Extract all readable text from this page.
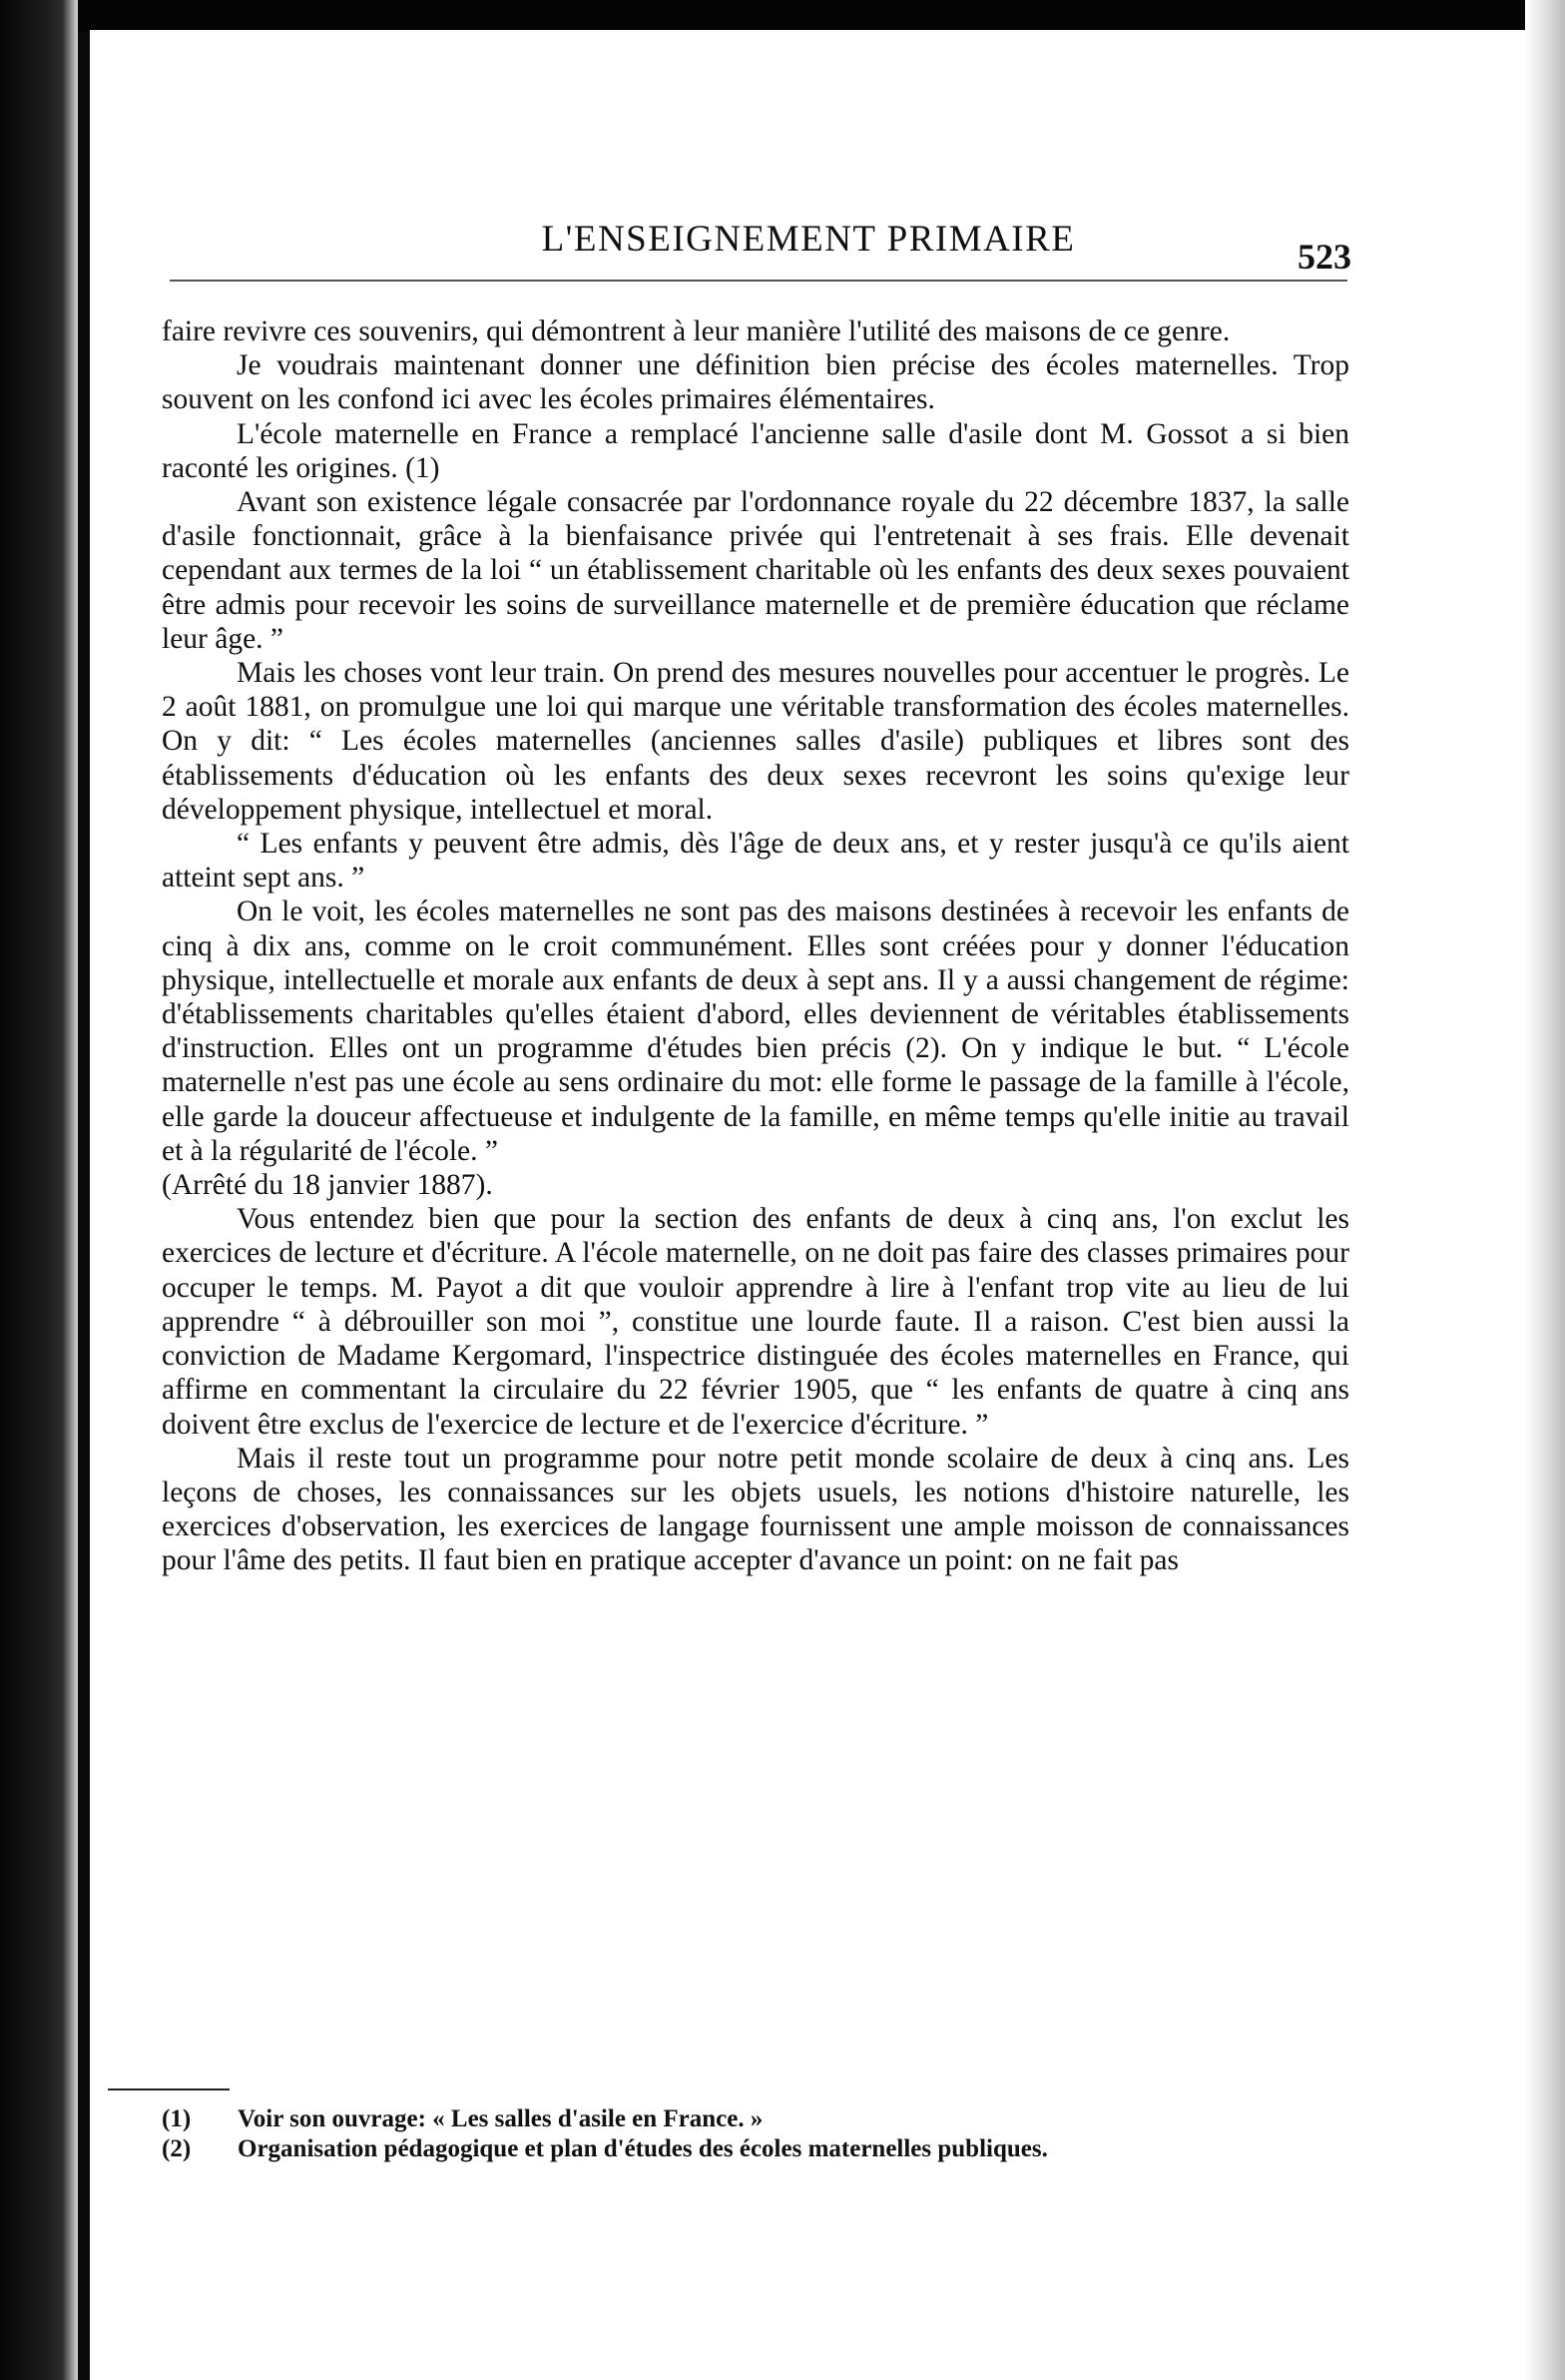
L'ENSEIGNEMENT PRIMAIRE	523

faire revivre ces souvenirs, qui démontrent à leur manière l'utilité des maisons de ce genre.

Je voudrais maintenant donner une définition bien précise des écoles maternelles. Trop souvent on les confond ici avec les écoles primaires élémentaires.

L'école maternelle en France a remplacé l'ancienne salle d'asile dont M. Gossot a si bien raconté les origines. (1)

Avant son existence légale consacrée par l'ordonnance royale du 22 décembre 1837, la salle d'asile fonctionnait, grâce à la bienfaisance privée qui l'entretenait à ses frais. Elle devenait cependant aux termes de la loi “ un établissement charitable où les enfants des deux sexes pouvaient être admis pour recevoir les soins de surveillance maternelle et de première éducation que réclame leur âge. ”

Mais les choses vont leur train. On prend des mesures nouvelles pour accentuer le progrès. Le 2 août 1881, on promulgue une loi qui marque une véritable transformation des écoles maternelles. On y dit: “ Les écoles maternelles (anciennes salles d'asile) publiques et libres sont des établissements d'éducation où les enfants des deux sexes recevront les soins qu'exige leur développement physique, intellectuel et moral.

“ Les enfants y peuvent être admis, dès l'âge de deux ans, et y rester jusqu'à ce qu'ils aient atteint sept ans. ”

On le voit, les écoles maternelles ne sont pas des maisons destinées à recevoir les enfants de cinq à dix ans, comme on le croit communément. Elles sont créées pour y donner l'éducation physique, intellectuelle et morale aux enfants de deux à sept ans. Il y a aussi changement de régime: d'établissements charitables qu'elles étaient d'abord, elles deviennent de véritables établissements d'instruction. Elles ont un programme d'études bien précis (2). On y indique le but. “ L'école maternelle n'est pas une école au sens ordinaire du mot: elle forme le passage de la famille à l'école, elle garde la douceur affectueuse et indulgente de la famille, en même temps qu'elle initie au travail et à la régularité de l'école. ”

(Arrêté du 18 janvier 1887).

Vous entendez bien que pour la section des enfants de deux à cinq ans, l'on exclut les exercices de lecture et d'écriture. A l'école maternelle, on ne doit pas faire des classes primaires pour occuper le temps. M. Payot a dit que vouloir apprendre à lire à l'enfant trop vite au lieu de lui apprendre “ à débrouiller son moi ”, constitue une lourde faute. Il a raison. C'est bien aussi la conviction de Madame Kergomard, l'inspectrice distinguée des écoles maternelles en France, qui affirme en commentant la circulaire du 22 février 1905, que “ les enfants de quatre à cinq ans doivent être exclus de l'exercice de lecture et de l'exercice d'écriture. ”

Mais il reste tout un programme pour notre petit monde scolaire de deux à cinq ans. Les leçons de choses, les connaissances sur les objets usuels, les notions d'histoire naturelle, les exercices d'observation, les exercices de langage fournissent une ample moisson de connaissances pour l'âme des petits. Il faut bien en pratique accepter d'avance un point: on ne fait pas

(1)	Voir son ouvrage: « Les salles d'asile en France. »
(2)	Organisation pédagogique et plan d'études des écoles maternelles publiques.
